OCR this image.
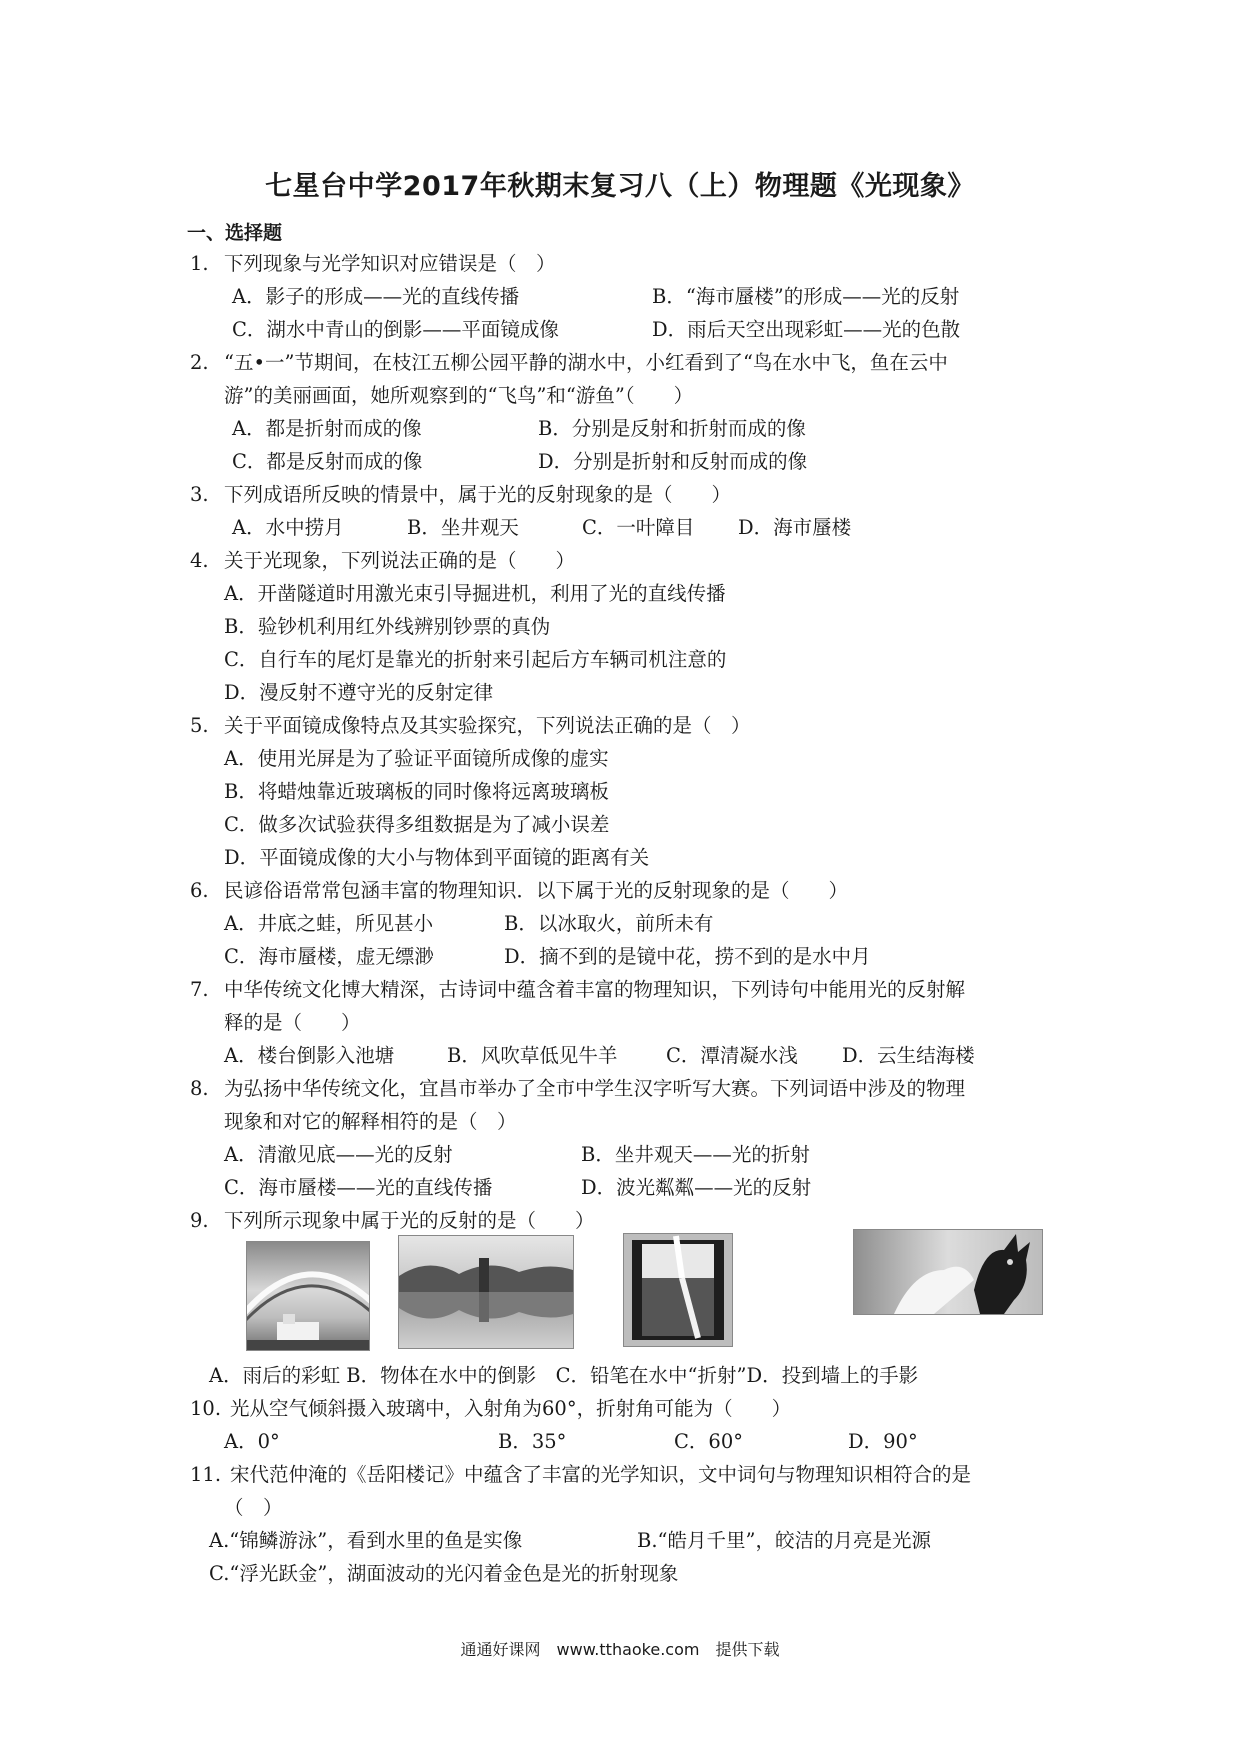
七星台中学2017年秋期末复习八（上）物理题《光现象》
一、选择题
1. 下列现象与光学知识对应错误是（　）
A．影子的形成——光的直线传播	B．“海市蜃楼”的形成——光的反射
C．湖水中青山的倒影——平面镜成像	D．雨后天空出现彩虹——光的色散
2. “五•一”节期间，在枝江五柳公园平静的湖水中，小红看到了“鸟在水中飞，鱼在云中
游”的美丽画面，她所观察到的“飞鸟”和“游鱼”（　　）
A．都是折射而成的像	B．分别是反射和折射而成的像
C．都是反射而成的像	D．分别是折射和反射而成的像
3. 下列成语所反映的情景中，属于光的反射现象的是（　　）
A．水中捞月	B．坐井观天	C．一叶障目 D．海市蜃楼
4. 关于光现象，下列说法正确的是（　　）
A．开凿隧道时用激光束引导掘进机，利用了光的直线传播
B．验钞机利用红外线辨别钞票的真伪
C．自行车的尾灯是靠光的折射来引起后方车辆司机注意的
D．漫反射不遵守光的反射定律
5. 关于平面镜成像特点及其实验探究，下列说法正确的是（　）
A．使用光屏是为了验证平面镜所成像的虚实
B．将蜡烛靠近玻璃板的同时像将远离玻璃板
C．做多次试验获得多组数据是为了减小误差
D．平面镜成像的大小与物体到平面镜的距离有关
6. 民谚俗语常常包涵丰富的物理知识．以下属于光的反射现象的是（　　）
A．井底之蛙，所见甚小	B．以冰取火，前所未有
C．海市蜃楼，虚无缥渺	D．摘不到的是镜中花，捞不到的是水中月
7. 中华传统文化博大精深，古诗词中蕴含着丰富的物理知识，下列诗句中能用光的反射解
释的是（　　）
A．楼台倒影入池塘	B．风吹草低见牛羊 C．潭清凝水浅 D．云生结海楼
8. 为弘扬中华传统文化，宜昌市举办了全市中学生汉字听写大赛。下列词语中涉及的物理
现象和对它的解释相符的是（　）
A．清澈见底——光的反射	B．坐井观天——光的折射
C．海市蜃楼——光的直线传播	D．波光粼粼——光的反射
9. 下列所示现象中属于光的反射的是（　　）
A．雨后的彩虹 B．物体在水中的倒影　C．铅笔在水中“折射”D．投到墙上的手影
10. 光从空气倾斜摄入玻璃中，入射角为60°，折射角可能为（　　）
A．0°	B．35°	C．60°	D．90°
11. 宋代范仲淹的《岳阳楼记》中蕴含了丰富的光学知识，文中词句与物理知识相符合的是
（　）
A.“锦鳞游泳”，看到水里的鱼是实像	B.“皓月千里”，皎洁的月亮是光源
C.“浮光跃金”，湖面波动的光闪着金色是光的折射现象
通通好课网　www.tthaoke.com　提供下载
